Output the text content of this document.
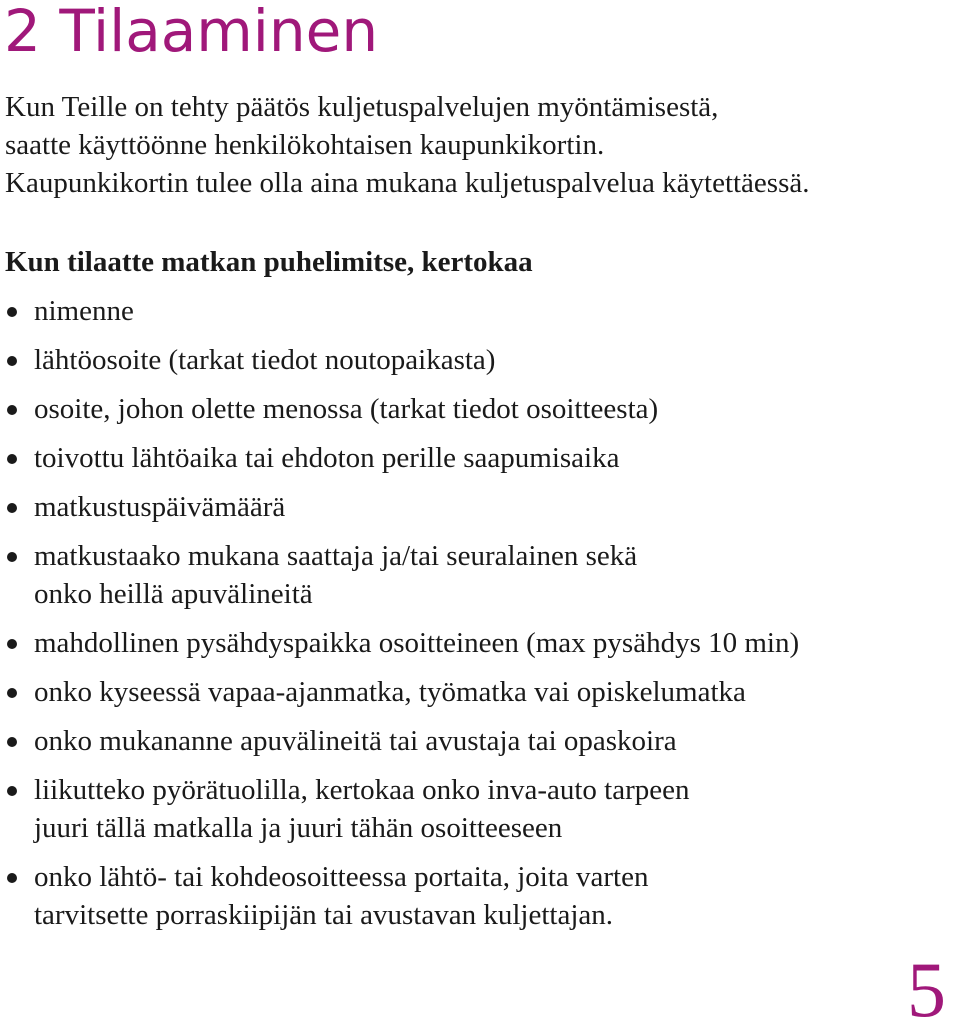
2 Tilaaminen

Kun Teille on tehty päätös kuljetuspalvelujen myöntämisestä,
saatte käyttöönne henkilökohtaisen kaupunkikortin.
Kaupunkikortin tulee olla aina mukana kuljetuspalvelua käytettäessä.

Kun tilaatte matkan puhelimitse, kertokaa
nimenne
lähtöosoite (tarkat tiedot noutopaikasta)
osoite, johon olette menossa (tarkat tiedot osoitteesta)
toivottu lähtöaika tai ehdoton perille saapumisaika
matkustuspäivämäärä
matkustaako mukana saattaja ja/tai seuralainen sekä
onko heillä apuvälineitä
mahdollinen pysähdyspaikka osoitteineen (max pysähdys 10 min)
onko kyseessä vapaa-ajanmatka, työmatka vai opiskelumatka
onko mukananne apuvälineitä tai avustaja tai opaskoira
liikutteko pyörätuolilla, kertokaa onko inva-auto tarpeen
juuri tällä matkalla ja juuri tähän osoitteeseen
onko lähtö- tai kohdeosoitteessa portaita, joita varten
tarvitsette porraskiipijän tai avustavan kuljettajan.
5
